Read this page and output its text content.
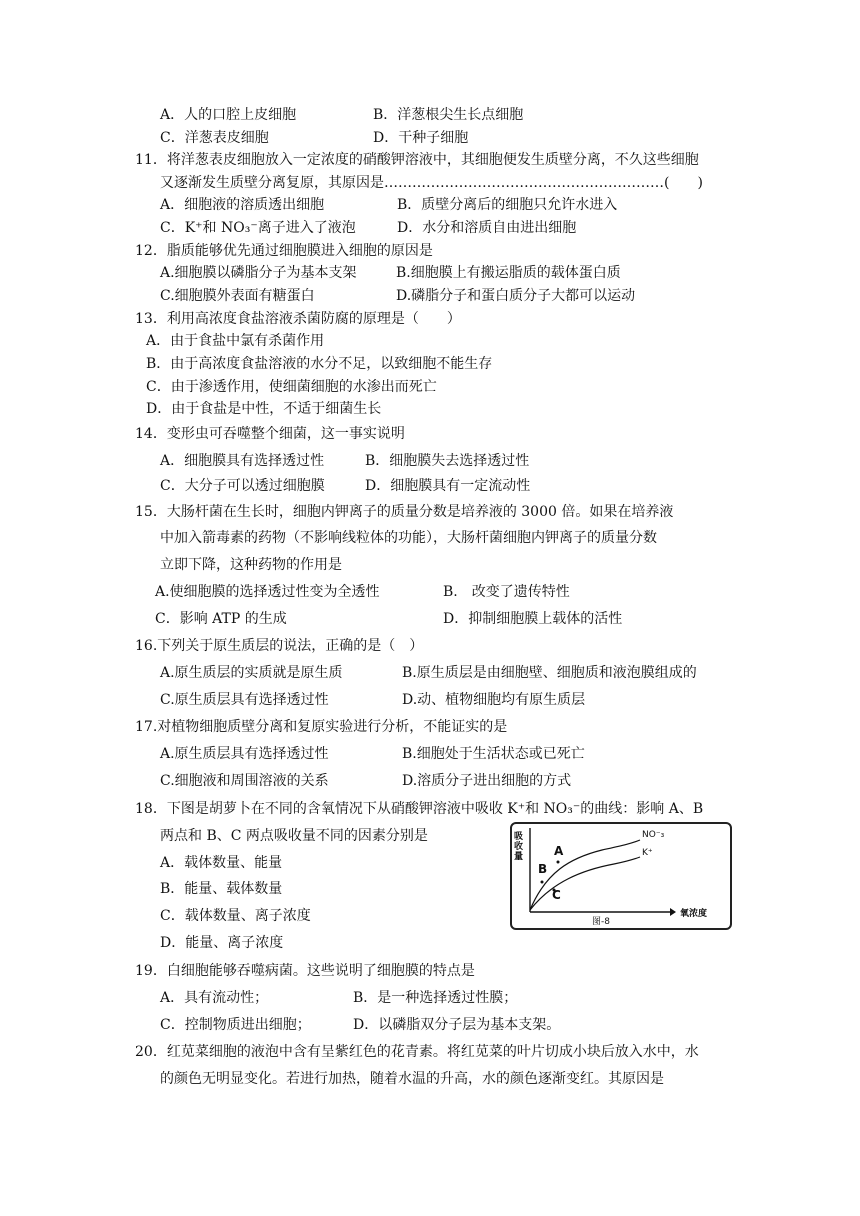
A．人的口腔上皮细胞	B．洋葱根尖生长点细胞
C．洋葱表皮细胞	D．干种子细胞
11．将洋葱表皮细胞放入一定浓度的硝酸钾溶液中，其细胞便发生质壁分离，不久这些细胞
又逐渐发生质壁分离复原，其原因是……………………………………………………(　　)
A．细胞液的溶质透出细胞	B．质壁分离后的细胞只允许水进入
C．K⁺和 NO₃⁻离子进入了液泡	D．水分和溶质自由进出细胞
12．脂质能够优先通过细胞膜进入细胞的原因是
A.细胞膜以磷脂分子为基本支架	B.细胞膜上有搬运脂质的载体蛋白质
C.细胞膜外表面有糖蛋白	D.磷脂分子和蛋白质分子大都可以运动
13．利用高浓度食盐溶液杀菌防腐的原理是（　　）
A．由于食盐中氯有杀菌作用
B．由于高浓度食盐溶液的水分不足，以致细胞不能生存
C．由于渗透作用，使细菌细胞的水渗出而死亡
D．由于食盐是中性，不适于细菌生长
14．变形虫可吞噬整个细菌，这一事实说明
A．细胞膜具有选择透过性	B．细胞膜失去选择透过性
C．大分子可以透过细胞膜	D．细胞膜具有一定流动性
15．大肠杆菌在生长时，细胞内钾离子的质量分数是培养液的 3000 倍。如果在培养液
中加入箭毒素的药物（不影响线粒体的功能），大肠杆菌细胞内钾离子的质量分数
立即下降，这种药物的作用是
A.使细胞膜的选择透过性变为全透性	B.　改变了遗传特性
C．影响 ATP 的生成	D．抑制细胞膜上载体的活性
16.下列关于原生质层的说法，正确的是（　）
A.原生质层的实质就是原生质	B.原生质层是由细胞壁、细胞质和液泡膜组成的
C.原生质层具有选择透过性	D.动、植物细胞均有原生质层
17.对植物细胞质壁分离和复原实验进行分析，不能证实的是
A.原生质层具有选择透过性	B.细胞处于生活状态或已死亡
C.细胞液和周围溶液的关系	D.溶质分子进出细胞的方式
18．下图是胡萝卜在不同的含氧情况下从硝酸钾溶液中吸收 K⁺和 NO₃⁻的曲线：影响 A、B
两点和 B、C 两点吸收量不同的因素分别是
A．载体数量、能量
B．能量、载体数量
C．载体数量、离子浓度
D．能量、离子浓度
19．白细胞能够吞噬病菌。这些说明了细胞膜的特点是
A．具有流动性；	B．是一种选择透过性膜；
C．控制物质进出细胞；	D．以磷脂双分子层为基本支架。
20．红苋菜细胞的液泡中含有呈紫红色的花青素。将红苋菜的叶片切成小块后放入水中，水
的颜色无明显变化。若进行加热，随着水温的升高，水的颜色逐渐变红。其原因是
吸收量
NO⁻₃
K⁺
A
B
C
氧浓度
图-8
